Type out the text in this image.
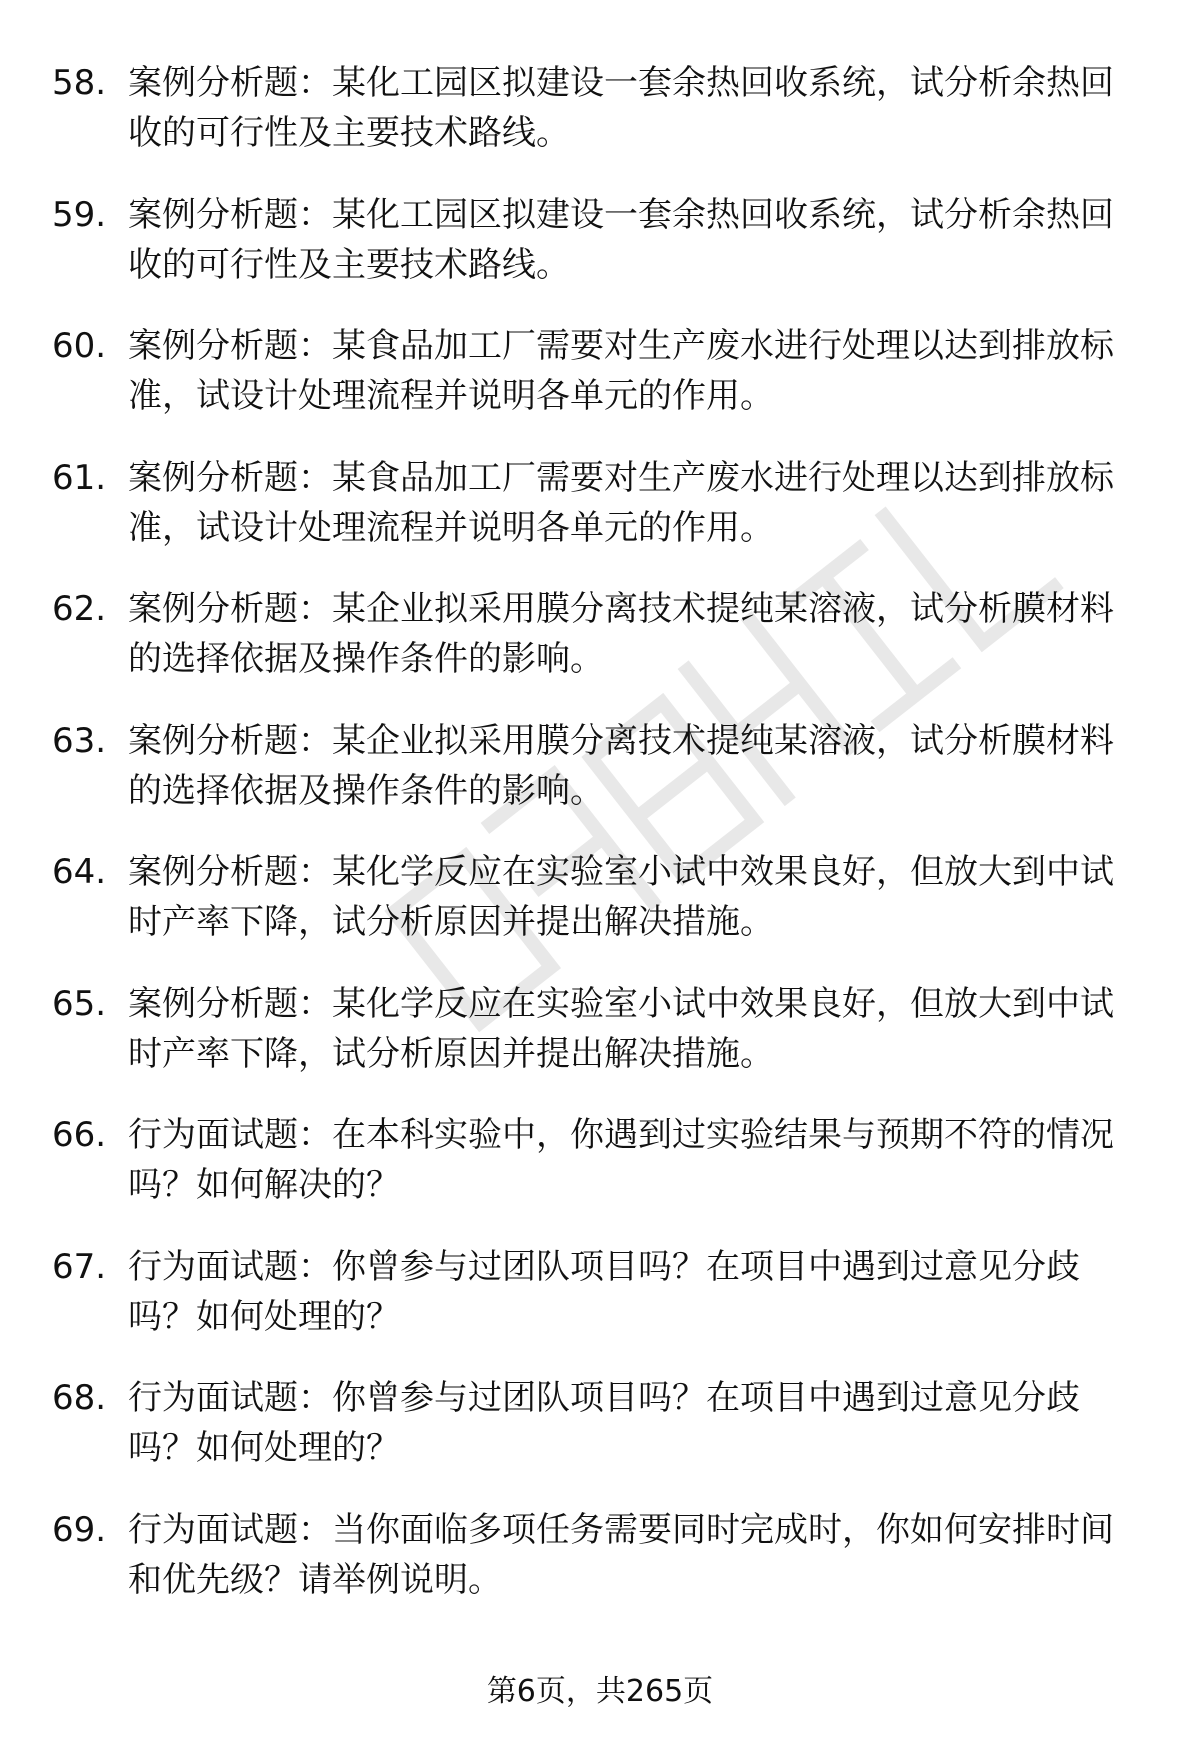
58. 案例分析题：某化工园区拟建设一套余热回收系统，试分析余热回收的可行性及主要技术路线。
59. 案例分析题：某化工园区拟建设一套余热回收系统，试分析余热回收的可行性及主要技术路线。
60. 案例分析题：某食品加工厂需要对生产废水进行处理以达到排放标准，试设计处理流程并说明各单元的作用。
61. 案例分析题：某食品加工厂需要对生产废水进行处理以达到排放标准，试设计处理流程并说明各单元的作用。
62. 案例分析题：某企业拟采用膜分离技术提纯某溶液，试分析膜材料的选择依据及操作条件的影响。
63. 案例分析题：某企业拟采用膜分离技术提纯某溶液，试分析膜材料的选择依据及操作条件的影响。
64. 案例分析题：某化学反应在实验室小试中效果良好，但放大到中试时产率下降，试分析原因并提出解决措施。
65. 案例分析题：某化学反应在实验室小试中效果良好，但放大到中试时产率下降，试分析原因并提出解决措施。
66. 行为面试题：在本科实验中，你遇到过实验结果与预期不符的情况吗？如何解决的？
67. 行为面试题：你曾参与过团队项目吗？在项目中遇到过意见分歧吗？如何处理的？
68. 行为面试题：你曾参与过团队项目吗？在项目中遇到过意见分歧吗？如何处理的？
69. 行为面试题：当你面临多项任务需要同时完成时，你如何安排时间和优先级？请举例说明。
第6页，共265页
